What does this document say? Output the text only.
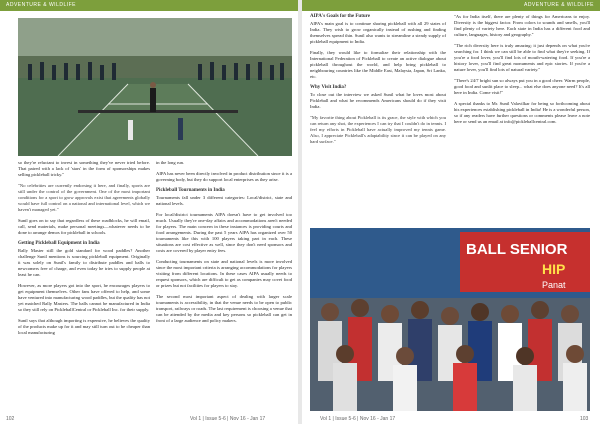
ADVENTURE & WILDLIFE	ADVENTURE & WILDLIFE

so they're reluctant to invest in something they've never tried before. That paired with a lack of 'stars' in the form of sponsorships makes selling pickleball tricky."

"No celebrities are currently endorsing it here, and finally, sports are still under the control of the government. One of the most important conditions for a sport to grow approvals exist that agreements globally would have full control on a national and international level, which we haven't managed yet."

Sunil goes on to say that regardless of these roadblocks, he will email, call, send materials, make personal meetings—whatever needs to be done to arrange demos for pickleball in schools.

Getting Pickleball Equipment in India

Rally Master still the gold standard for wood paddles? Another challenge Sunil mentions is sourcing pickleball equipment. Originally it was solely on Sunil's family to distribute paddles and balls to newcomers free of charge, and even today he tries to supply people at least he can.

However, as more players got into the sport, he encourages players to get equipment themselves. Other fans have offered to help, and some have ventured into manufacturing wood paddles, but the quality has not yet matched Rally Masters. The balls cannot be manufactured in India so they still rely on PickleballCentral or Pickleball Inc. for their supply.

Sunil says that although importing is expensive, he believes the quality of the products make up for it and may still turn out to be cheaper than local manufacturing

in the long run.

AIPA has never been directly involved in product distribution since it is a governing body, but they do support local enterprises as they arise.

Pickleball Tournaments in India

Tournaments fall under 3 different categories: Local/district, state and national levels.

For local/district tournaments AIPA doesn't have to get involved too much. Usually they're one-day affairs and accommodations aren't needed for players. The main concern in these instances is providing courts and food arrangements. During the past 5 years AIPA has organized over 50 tournaments like this with 100 players taking part in each. These situations are cost effective as well, since they don't need sponsors and costs are covered by player entry fees.

Conducting tournaments on state and national levels is more involved since the most important criteria is arranging accommodations for players visiting from different locations. In these cases AIPA usually needs to request sponsors, which are difficult to get as companies may covet food or prizes but not facilities for players to stay.

The second most important aspect of dealing with larger scale tournaments is accessibility, in that the venue needs to be open to public transport, railways or roads. The last requirement is choosing a venue that can be attended by the media and key persons so pickleball can get in front of a large audience and policy makers.

102	Vol 1 | Issue 5-6 | Nov 16 - Jan 17
AIPA's Goals for the Future

AIPA's main goal is to continue sharing pickleball with all 29 states of India. They wish to grow organically instead of rushing and finding themselves spread thin. Sunil also wants to streamline a steady supply of pickleball equipment to India.

Finally, they would like to formalize their relationship with the International Federation of Pickleball to create an active dialogue about pickleball throughout the world, and help bring pickleball to neighbouring countries like the Middle East, Malaysia, Japan, Sri Lanka, etc.

Why Visit India?

To close out the interview we asked Sunil what he loves most about Pickleball and what he recommends Americans should do if they visit India.

"My favorite thing about Pickleball is its grace, the style with which you can return any shot, the experiences I can try that I couldn't do in tennis. I feel my efforts in Pickleball have actually improved my tennis game. Also, I appreciate Pickleball's adaptability since it can be played on any hard surface."

"As for India itself, there are plenty of things for Americans to enjoy. Diversity is the biggest factor. From colors to sounds and smells, you'll find plenty of variety here. Each state in India has a different food and culture, languages, history and geography."

"The rich diversity here is truly amazing; it just depends on what you're searching for. I think we can still be able to find what they're seeking. If you're a food lover, you'll find lots of mouth-watering food. If you're a history lover, you'll find great monuments and epic stories. If you're a nature lover, you'll find lots of natural variety."

"There's 24/7 bright sun so always put you in a good cheer. Warm people, good food and sunlit place to sleep... what else does anyone need? It's all here in India. Come visit!"

A special thanks to Mr. Sunil Valavilkar for being so forthcoming about his experiences establishing pickleball in India! He is a wonderful person, so if any readers have further questions or comments please leave a note here or send us an email at info@pickleballcentral.com.

BALL SENIOR
HIP
Panat
Vol 1 | Issue 5-6 | Nov 16 - Jan 17	103
